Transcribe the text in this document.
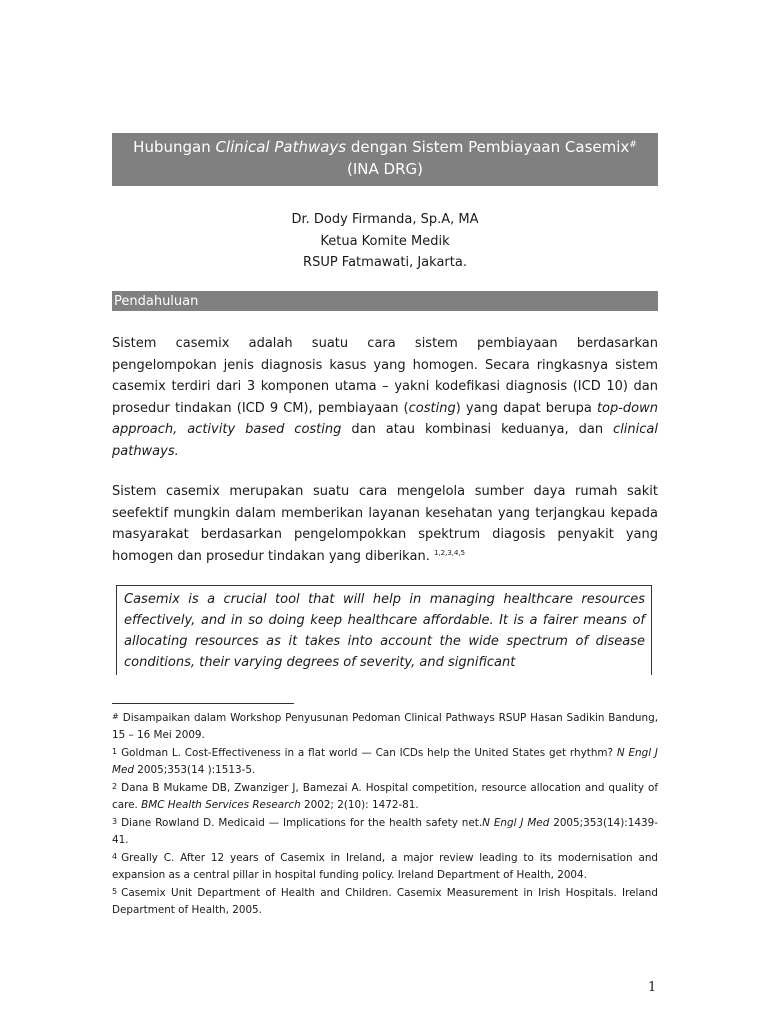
Hubungan Clinical Pathways dengan Sistem Pembiayaan Casemix#
(INA DRG)
Dr. Dody Firmanda, Sp.A, MA
Ketua Komite Medik
RSUP Fatmawati, Jakarta.
Pendahuluan

Sistem casemix adalah suatu cara sistem pembiayaan berdasarkan pengelompokan jenis diagnosis kasus yang homogen. Secara ringkasnya sistem casemix terdiri dari 3 komponen utama – yakni kodefikasi diagnosis (ICD 10) dan prosedur tindakan (ICD 9 CM), pembiayaan (costing) yang dapat berupa top-down approach, activity based costing dan atau kombinasi keduanya, dan clinical pathways.

Sistem casemix merupakan suatu cara mengelola sumber daya rumah sakit seefektif mungkin dalam memberikan layanan kesehatan yang terjangkau kepada masyarakat berdasarkan pengelompokkan spektrum diagosis penyakit yang homogen dan prosedur tindakan yang diberikan. $^{1,2,3,4,5}$

Casemix is a crucial tool that will help in managing healthcare resources effectively, and in so doing keep healthcare affordable. It is a fairer means of allocating resources as it takes into account the wide spectrum of disease conditions, their varying degrees of severity, and significant

# Disampaikan dalam Workshop Penyusunan Pedoman Clinical Pathways RSUP Hasan Sadikin Bandung, 15 – 16 Mei 2009.

$^1$ Goldman L. Cost-Effectiveness in a flat world — Can ICDs help the United States get rhythm? N Engl J Med 2005;353(14 ):1513-5.

$^2$ Dana B Mukame DB, Zwanziger J, Bamezai A. Hospital competition, resource allocation and quality of care. BMC Health Services Research 2002; 2(10): 1472-81.

$^3$ Diane Rowland D. Medicaid — Implications for the health safety net.N Engl J Med 2005;353(14):1439-41.

$^4$ Greally C. After 12 years of Casemix in Ireland, a major review leading to its modernisation and expansion as a central pillar in hospital funding policy. Ireland Department of Health, 2004.

$^5$ Casemix Unit Department of Health and Children. Casemix Measurement in Irish Hospitals. Ireland Department of Health, 2005.

1
